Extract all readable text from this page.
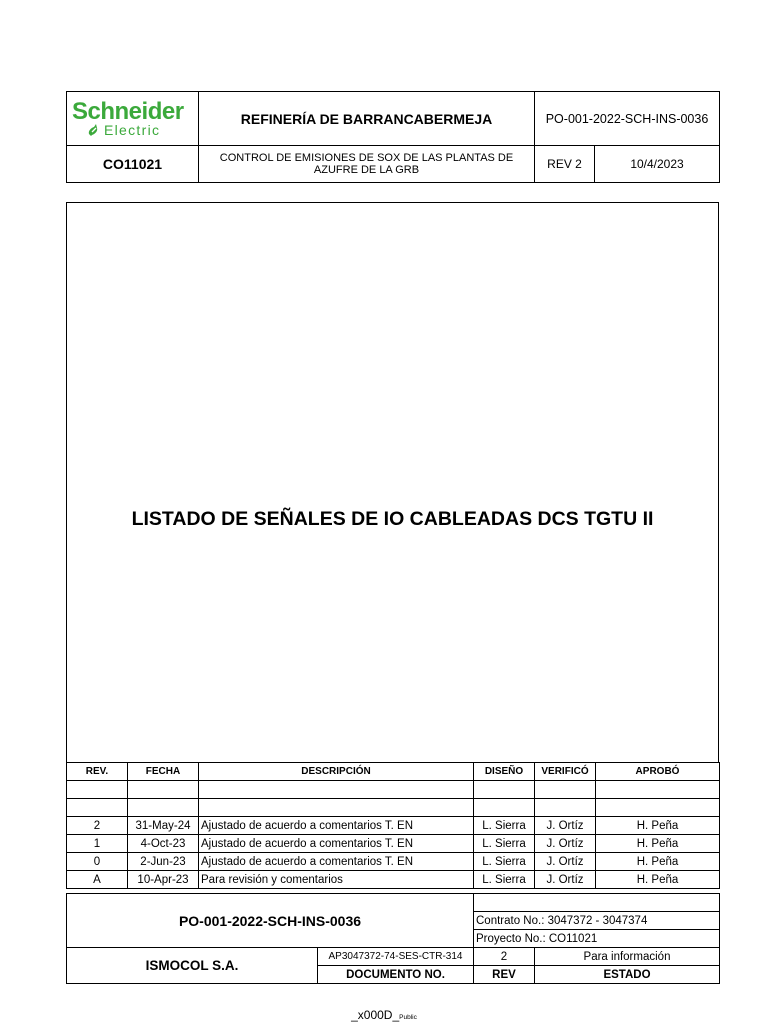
Schneider
Electric	REFINERÍA DE BARRANCABERMEJA	PO-001-2022-SCH-INS-0036	
CO11021	CONTROL DE EMISIONES DE SOX DE LAS PLANTAS DE AZUFRE DE LA GRB	REV 2	10/4/2023
LISTADO DE SEÑALES DE IO CABLEADAS DCS TGTU II
REV.	FECHA	DESCRIPCIÓN	DISEÑO	VERIFICÓ	APROBÓ

2	31-May-24	Ajustado de acuerdo a comentarios T. EN	L. Sierra	J. Ortíz	H. Peña
1	4-Oct-23	Ajustado de acuerdo a comentarios T. EN	L. Sierra	J. Ortíz	H. Peña
0	2-Jun-23	Ajustado de acuerdo a comentarios T. EN	L. Sierra	J. Ortíz	H. Peña
A	10-Apr-23	Para revisión y comentarios	L. Sierra	J. Ortíz	H. Peña
PO-001-2022-SCH-INS-0036			
		Contrato No.: 3047372 - 3047374	
		Proyecto No.: CO11021	
ISMOCOL S.A.	AP3047372-74-SES-CTR-314	2	Para información
	DOCUMENTO NO.	REV	ESTADO
_x000D_Public
